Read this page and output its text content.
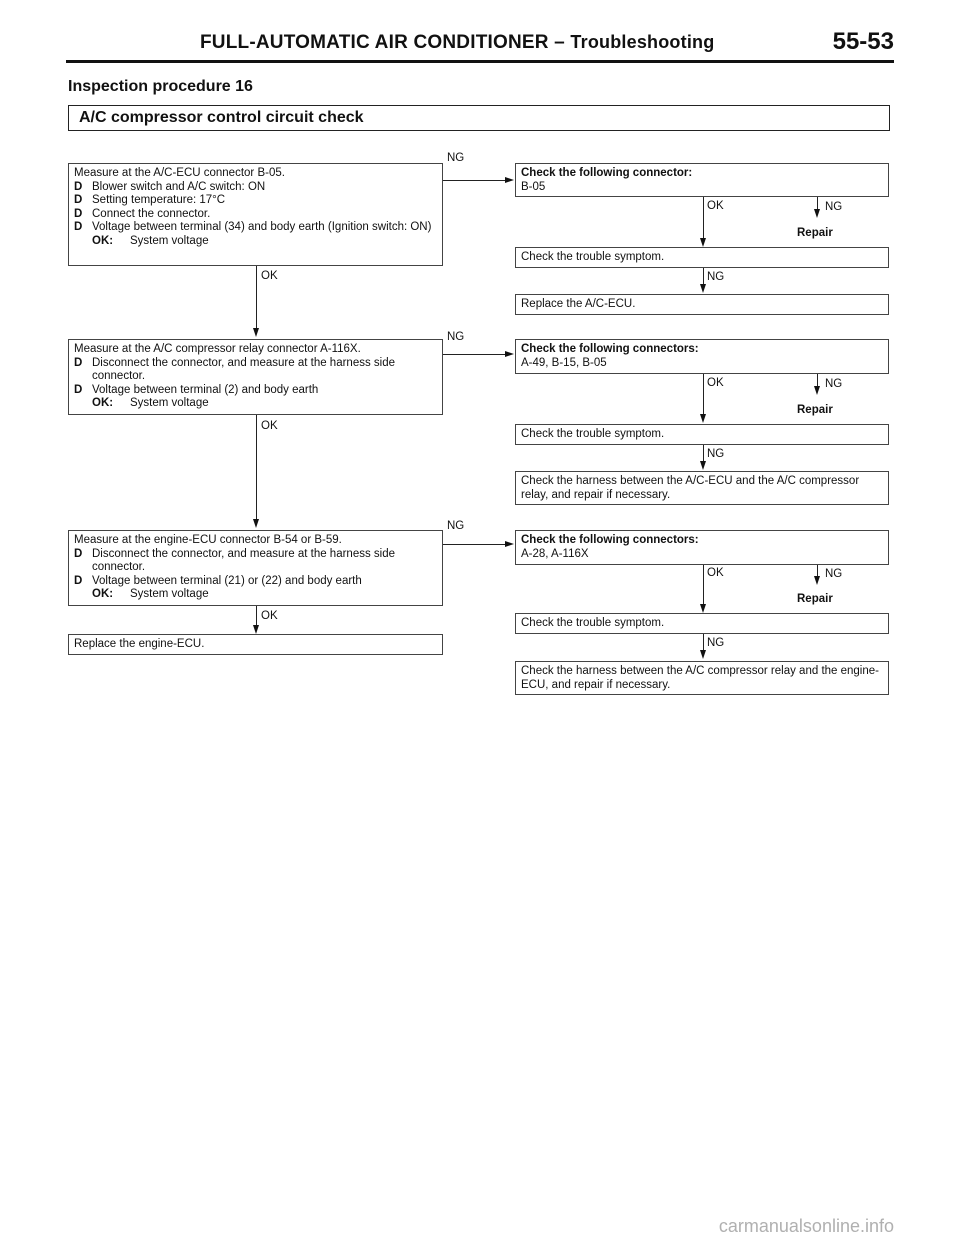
FULL-AUTOMATIC AIR CONDITIONER – Troubleshooting	55-53
Inspection procedure 16
A/C compressor control circuit check
Measure at the A/C-ECU connector B-05.
D Blower switch and A/C switch: ON
D Setting temperature: 17°C
D Connect the connector.
D Voltage between terminal (34) and body earth (Ignition switch: ON)
OK:	System voltage
NG
Check the following connector:
B-05
OK	NG
Repair
Check the trouble symptom.
NG
Replace the A/C-ECU.
OK
Measure at the A/C compressor relay connector A-116X.
D Disconnect the connector, and measure at the harness side connector.
D Voltage between terminal (2) and body earth
OK:	System voltage
NG
Check the following connectors:
A-49, B-15, B-05
OK	NG
Repair
Check the trouble symptom.
NG
Check the harness between the A/C-ECU and the A/C compressor relay, and repair if necessary.
OK
Measure at the engine-ECU connector B-54 or B-59.
D Disconnect the connector, and measure at the harness side connector.
D Voltage between terminal (21) or (22) and body earth
OK:	System voltage
NG
Check the following connectors:
A-28, A-116X
OK	NG
Repair
Check the trouble symptom.
NG
Check the harness between the A/C compressor relay and the engine-ECU, and repair if necessary.
OK
Replace the engine-ECU.
carmanualsonline.info
